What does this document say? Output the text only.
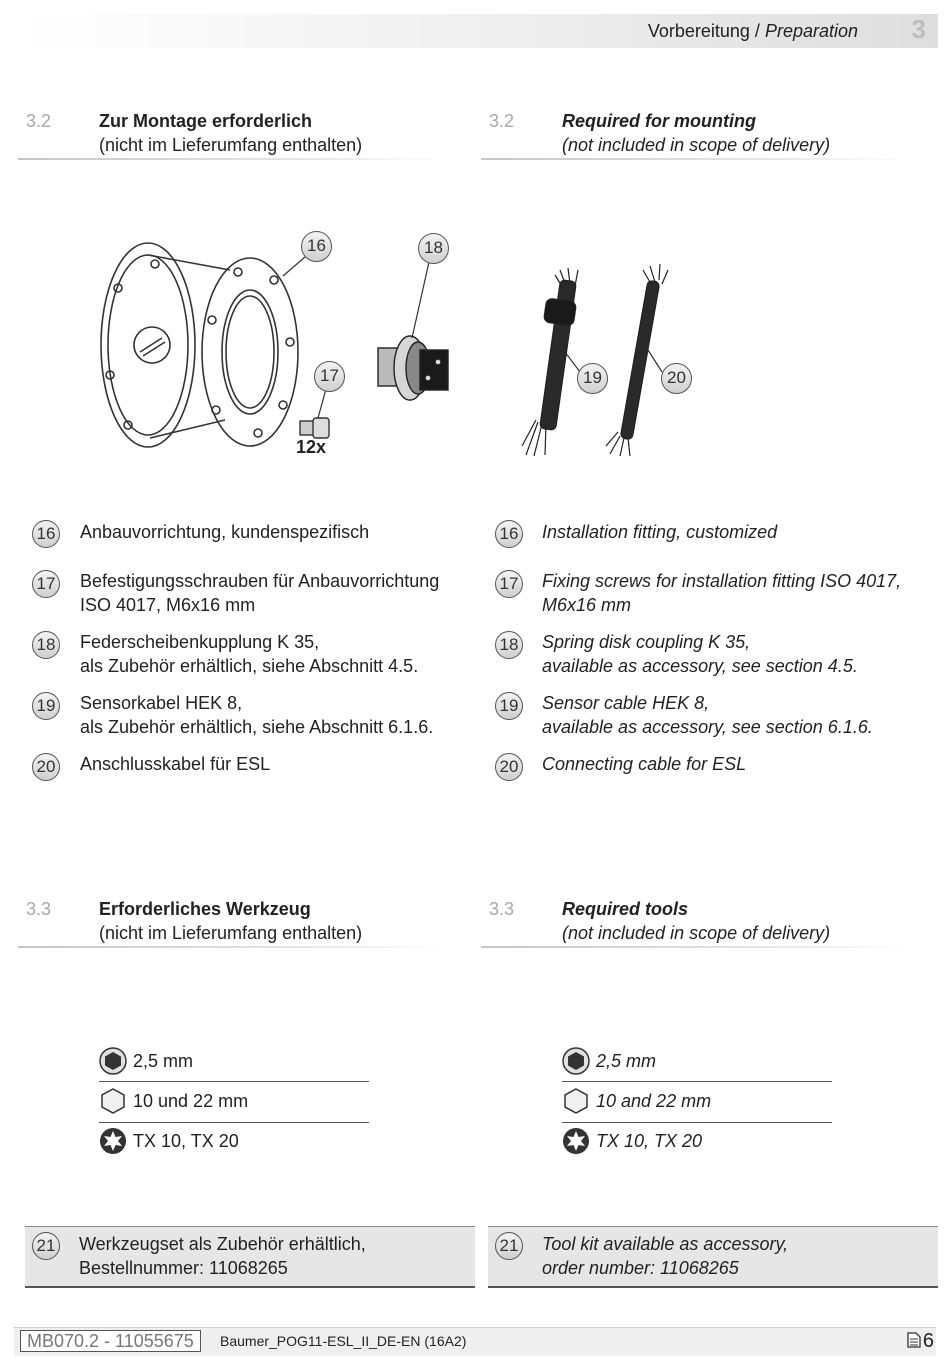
Vorbereitung / Preparation 3
3.2	Zur Montage erforderlich
(nicht im Lieferumfang enthalten)
3.2	Required for mounting
(not included in scope of delivery)
16
17
18
19	20
12x
16 Anbauvorrichtung, kundenspezifisch
17 Befestigungsschrauben für Anbauvorrichtung
ISO 4017, M6x16 mm
18 Federscheibenkupplung K 35,
als Zubehör erhältlich, siehe Abschnitt 4.5.
19 Sensorkabel HEK 8,
als Zubehör erhältlich, siehe Abschnitt 6.1.6.
20 Anschlusskabel für ESL
16 Installation fitting, customized
17 Fixing screws for installation fitting ISO 4017,
M6x16 mm
18 Spring disk coupling K 35,
available as accessory, see section 4.5.
19 Sensor cable HEK 8,
available as accessory, see section 6.1.6.
20 Connecting cable for ESL
3.3	Erforderliches Werkzeug
(nicht im Lieferumfang enthalten)
3.3	Required tools
(not included in scope of delivery)
2,5 mm
10 und 22 mm
TX 10, TX 20
2,5 mm
10 and 22 mm
TX 10, TX 20
21 Werkzeugset als Zubehör erhältlich,
Bestellnummer: 11068265
21 Tool kit available as accessory,
order number: 11068265
MB070.2 - 11055675	Baumer_POG11-ESL_II_DE-EN (16A2)	6
